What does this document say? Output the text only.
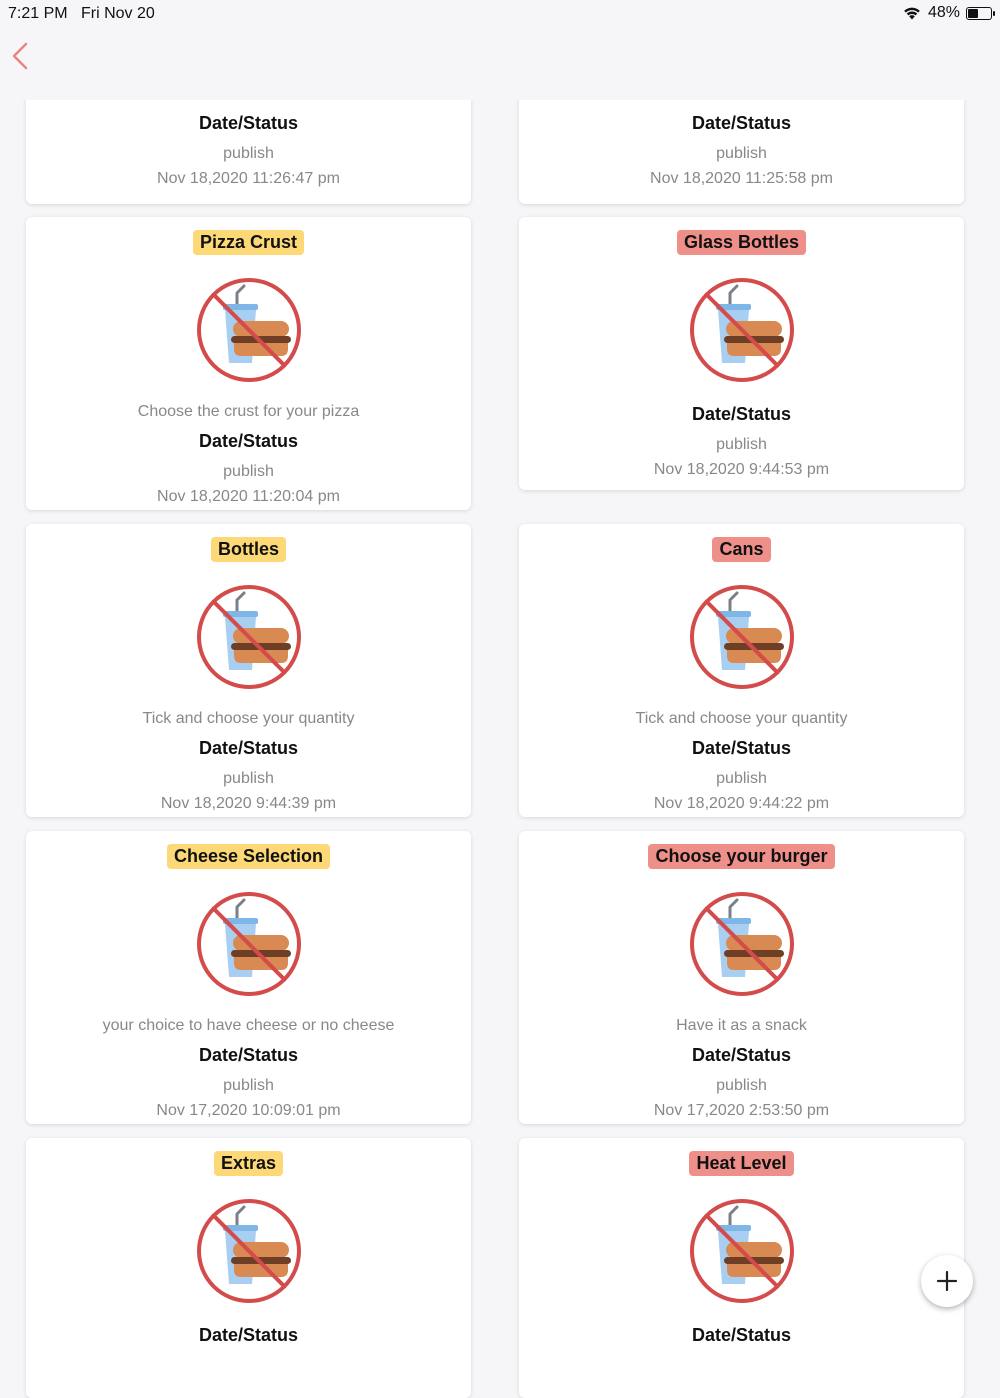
7:21 PM Fri Nov 20	48%
Date/Status
publish
Nov 18,2020 11:26:47 pm
Date/Status
publish
Nov 18,2020 11:25:58 pm
Pizza Crust
Choose the crust for your pizza
Date/Status
publish
Nov 18,2020 11:20:04 pm
Glass Bottles
Date/Status
publish
Nov 18,2020 9:44:53 pm
Bottles
Tick and choose your quantity
Date/Status
publish
Nov 18,2020 9:44:39 pm
Cans
Tick and choose your quantity
Date/Status
publish
Nov 18,2020 9:44:22 pm
Cheese Selection
your choice to have cheese or no cheese
Date/Status
publish
Nov 17,2020 10:09:01 pm
Choose your burger
Have it as a snack
Date/Status
publish
Nov 17,2020 2:53:50 pm
Extras
Date/Status
Heat Level
Date/Status
